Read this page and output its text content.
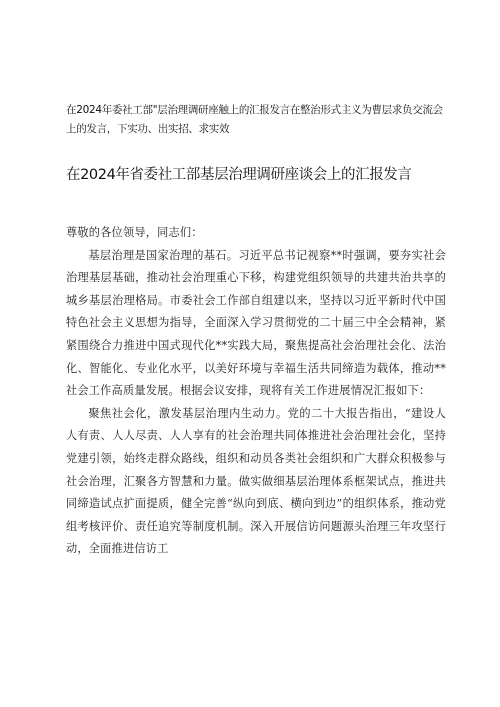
在2024年委社工部"层治理调研座触上的汇报发言在整治形式主义为曹层求负交流会上的发言，下实功、出实招、求实效
在2024年省委社工部基层治理调研座谈会上的汇报发言

尊敬的各位领导，同志们：

基层治理是国家治理的基石。习近平总书记视察**时强调，要夯实社会治理基层基础，推动社会治理重心下移，构建党组织领导的共建共治共享的城乡基层治理格局。市委社会工作部自组建以来，坚持以习近平新时代中国特色社会主义思想为指导，全面深入学习贯彻党的二十届三中全会精神，紧紧围绕合力推进中国式现代化**实践大局，聚焦提高社会治理社会化、法治化、智能化、专业化水平，以美好环境与幸福生活共同缔造为载体，推动**社会工作高质量发展。根据会议安排，现将有关工作进展情况汇报如下：

聚焦社会化，激发基层治理内生动力。党的二十大报告指出，“建设人人有责、人人尽责、人人享有的社会治理共同体推进社会治理社会化，坚持党建引领，始终走群众路线，组织和动员各类社会组织和广大群众积极参与社会治理，汇聚各方智慧和力量。做实做细基层治理体系框架试点，推进共同缔造试点扩面提质，健全完善“纵向到底、横向到边”的组织体系，推动党组考核评价、责任追究等制度机制。深入开展信访问题源头治理三年攻坚行动，全面推进信访工
